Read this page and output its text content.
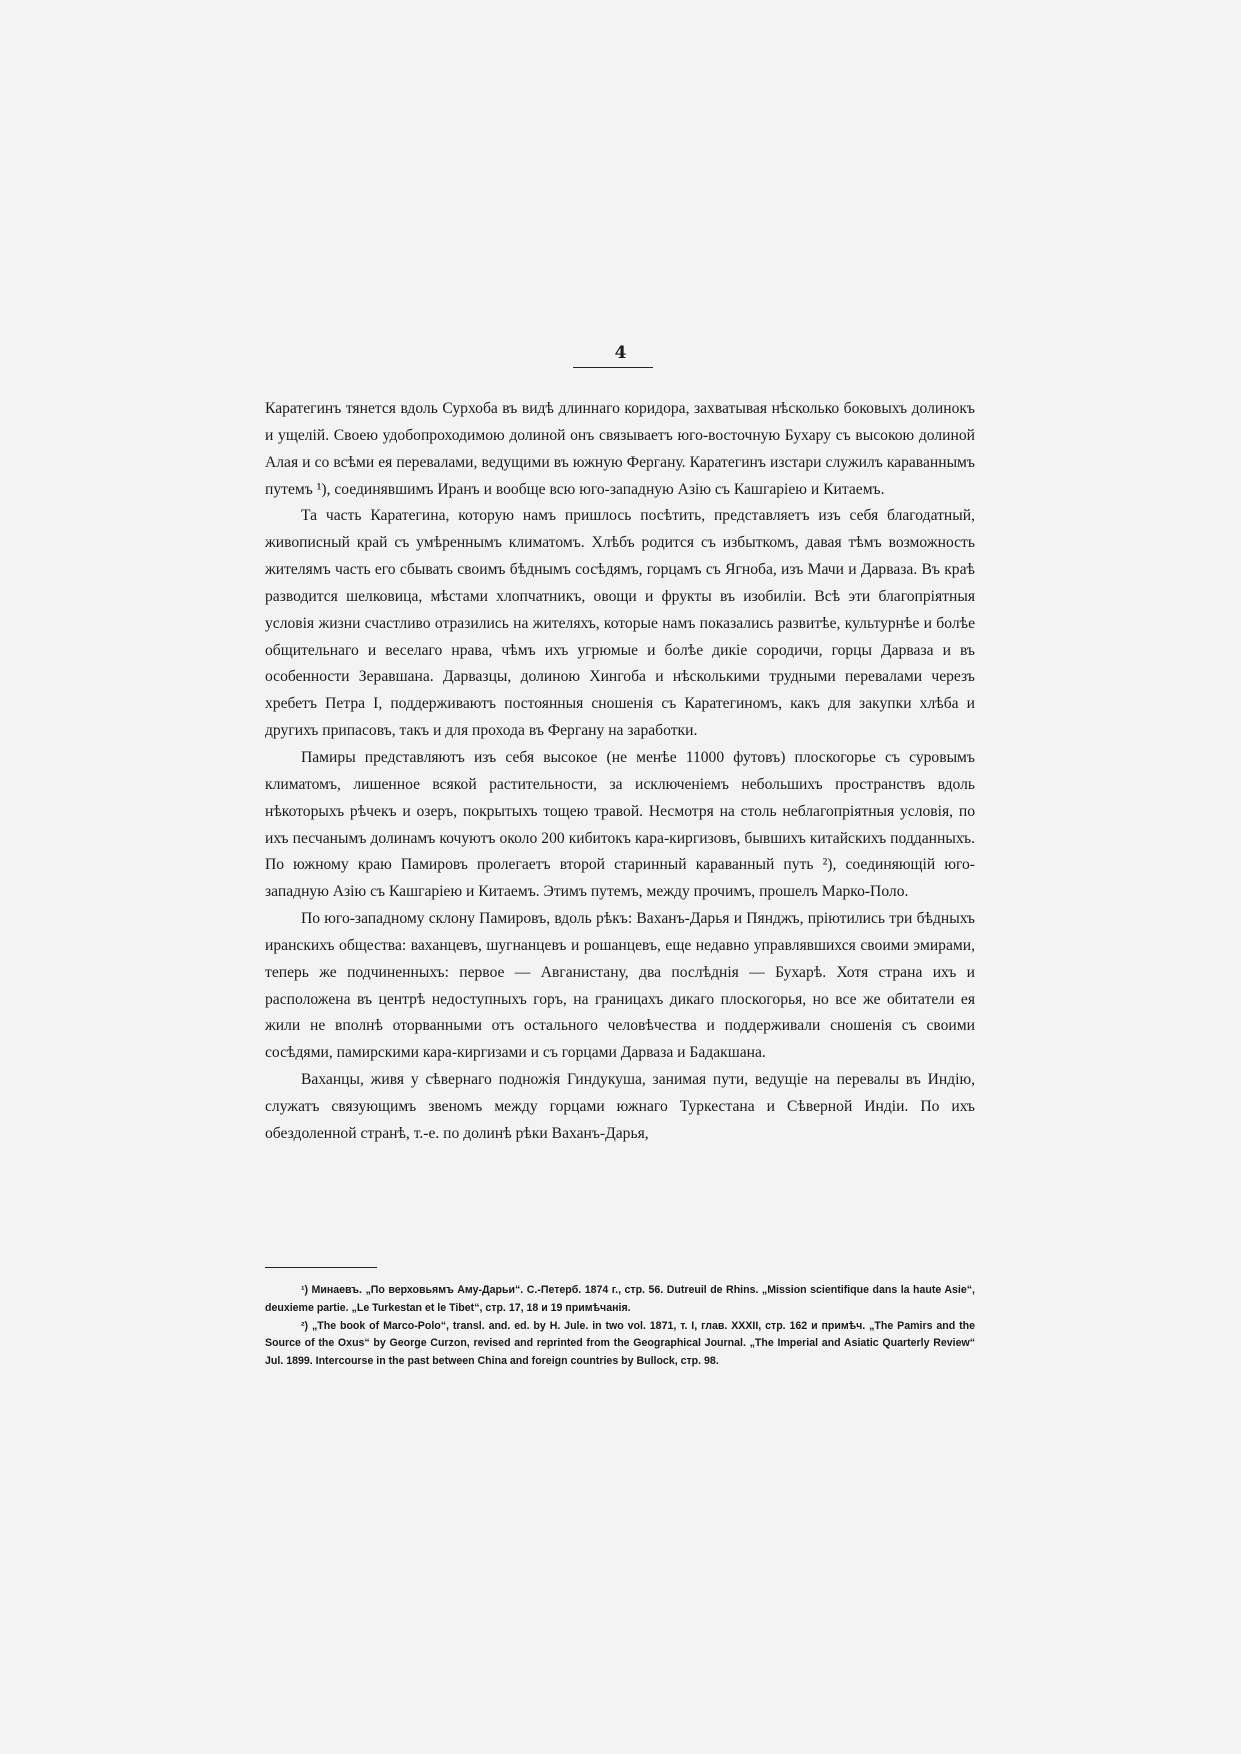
4

Каратегинъ тянется вдоль Сурхоба въ видѣ длиннаго коридора, захватывая нѣсколько боковыхъ долинокъ и ущелій. Своею удобопроходимою долиной онъ связываетъ юго-восточную Бухару съ высокою долиной Алая и со всѣми ея перевалами, ведущими въ южную Фергану. Каратегинъ изстари служилъ караваннымъ путемъ ¹), соединявшимъ Иранъ и вообще всю юго-западную Азію съ Кашгаріею и Китаемъ.

Та часть Каратегина, которую намъ пришлось посѣтить, представляетъ изъ себя благодатный, живописный край съ умѣреннымъ климатомъ. Хлѣбъ родится съ избыткомъ, давая тѣмъ возможность жителямъ часть его сбывать своимъ бѣднымъ сосѣдямъ, горцамъ съ Ягноба, изъ Мачи и Дарваза. Въ краѣ разводится шелковица, мѣстами хлопчатникъ, овощи и фрукты въ изобиліи. Всѣ эти благопріятныя условія жизни счастливо отразились на жителяхъ, которые намъ показались развитѣе, культурнѣе и болѣе общительнаго и веселаго нрава, чѣмъ ихъ угрюмые и болѣе дикіе сородичи, горцы Дарваза и въ особенности Зеравшана. Дарвазцы, долиною Хингоба и нѣсколькими трудными перевалами черезъ хребетъ Петра I, поддерживаютъ постоянныя сношенія съ Каратегиномъ, какъ для закупки хлѣба и другихъ припасовъ, такъ и для прохода въ Фергану на заработки.

Памиры представляютъ изъ себя высокое (не менѣе 11000 футовъ) плоскогорье съ суровымъ климатомъ, лишенное всякой растительности, за исключеніемъ небольшихъ пространствъ вдоль нѣкоторыхъ рѣчекъ и озеръ, покрытыхъ тощею травой. Несмотря на столь неблагопріятныя условія, по ихъ песчанымъ долинамъ кочуютъ около 200 кибитокъ кара-киргизовъ, бывшихъ китайскихъ подданныхъ. По южному краю Памировъ пролегаетъ второй старинный караванный путь ²), соединяющій юго-западную Азію съ Кашгаріею и Китаемъ. Этимъ путемъ, между прочимъ, прошелъ Марко-Поло.

По юго-западному склону Памировъ, вдоль рѣкъ: Ваханъ-Дарья и Пянджъ, пріютились три бѣдныхъ иранскихъ общества: ваханцевъ, шугнанцевъ и рошанцевъ, еще недавно управлявшихся своими эмирами, теперь же подчиненныхъ: первое — Авганистану, два послѣднія — Бухарѣ. Хотя страна ихъ и расположена въ центрѣ недоступныхъ горъ, на границахъ дикаго плоскогорья, но все же обитатели ея жили не вполнѣ оторванными отъ остального человѣчества и поддерживали сношенія съ своими сосѣдями, памирскими кара-киргизами и съ горцами Дарваза и Бадакшана.

Ваханцы, живя у сѣвернаго подножія Гиндукуша, занимая пути, ведущіе на перевалы въ Индію, служатъ связующимъ звеномъ между горцами южнаго Туркестана и Сѣверной Индіи. По ихъ обездоленной странѣ, т.-е. по долинѣ рѣки Ваханъ-Дарья,

¹) Минаевъ. „По верховьямъ Аму-Дарьи“. С.-Петерб. 1874 г., стр. 56. Dutreuil de Rhins. „Mission scientifique dans la haute Asie“, deuxieme partie. „Le Turkestan et le Tibet“, стр. 17, 18 и 19 примѣчанія.

²) „The book of Marco-Polo“, transl. and. ed. by H. Jule. in two vol. 1871, т. I, глав. XXXII, стр. 162 и примѣч. „The Pamirs and the Source of the Oxus“ by George Curzon, revised and reprinted from the Geographical Journal. „The Imperial and Asiatic Quarterly Review“ Jul. 1899. Intercourse in the past between China and foreign countries by Bullock, стр. 98.
